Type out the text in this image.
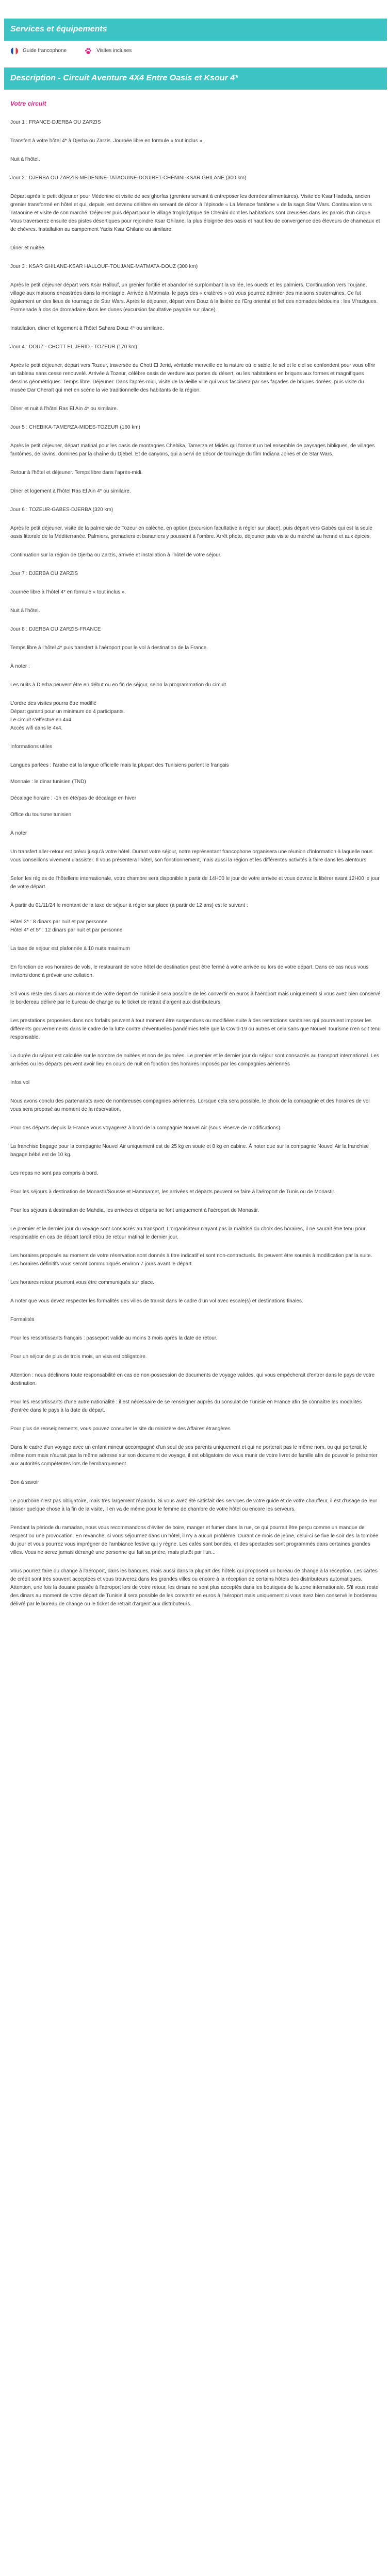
Services et équipements
Guide francophone	Visites incluses
Description - Circuit Aventure 4X4 Entre Oasis et Ksour 4*
Votre circuit

Jour 1 : FRANCE-DJERBA OU ZARZIS

Transfert à votre hôtel 4* à Djerba ou Zarzis. Journée libre en formule « tout inclus ».

Nuit à l'hôtel.

Jour 2 : DJERBA OU ZARZIS-MEDENINE-TATAOUINE-DOUIRET-CHENINI-KSAR GHILANE (300 km)

Départ après le petit déjeuner pour Médenine et visite de ses ghorfas (greniers servant à entreposer les denrées alimentaires). Visite de Ksar Hadada, ancien grenier transformé en hôtel et qui, depuis, est devenu célèbre en servant de décor à l'épisode « La Menace fantôme » de la saga Star Wars. Continuation vers Tataouine et visite de son marché. Déjeuner puis départ pour le village troglodytique de Chenini dont les habitations sont creusées dans les parois d'un cirque. Vous traverserez ensuite des pistes désertiques pour rejoindre Ksar Ghilane, la plus éloignée des oasis et haut lieu de convergence des êleveurs de chameaux et de chèvres. Installation au campement Yadis Ksar Ghilane ou similaire.

Dîner et nuitée.

Jour 3 : KSAR GHILANE-KSAR HALLOUF-TOUJANE-MATMATA-DOUZ (300 km)

Après le petit déjeuner départ vers Ksar Hallouf, un grenier fortifié et abandonné surplombant la vallée, les oueds et les palmiers. Continuation vers Toujane, village aux maisons encastrées dans la montagne. Arrivée à Matmata, le pays des « cratères » où vous pourrez admirer des maisons souterraines. Ce fut également un des lieux de tournage de Star Wars. Après le déjeuner, départ vers Douz à la lisière de l'Erg oriental et fief des nomades bédouins : les M'razigues. Promenade à dos de dromadaire dans les dunes (excursion facultative payable sur place).

Installation, dîner et logement à l'hôtel Sahara Douz 4* ou similaire.

Jour 4 : DOUZ - CHOTT EL JERID - TOZEUR (170 km)

Après le petit déjeuner, départ vers Tozeur, traversée du Chott El Jerid, véritable merveille de la nature où le sable, le sel et le ciel se confondent pour vous offrir un tableau sans cesse renouvelé. Arrivée à Tozeur, célèbre oasis de verdure aux portes du désert, ou les habitations en briques aux formes et magnifiques dessins géométriques. Temps libre. Déjeuner. Dans l'après-midi, visite de la vieille ville qui vous fascinera par ses façades de briques dorées, puis visite du musée Dar Cheraït qui met en scène la vie traditionnelle des habitants de la région.

Dîner et nuit à l'hôtel Ras El Ain 4* ou similaire.

Jour 5 : CHEBIKA-TAMERZA-MIDES-TOZEUR (160 km)

Après le petit déjeuner, départ matinal pour les oasis de montagnes Chebika, Tamerza et Midès qui forment un bel ensemble de paysages bibliques, de villages fantômes, de ravins, dominés par la chaîne du Djebel. Et de canyons, qui a servi de décor de tournage du film Indiana Jones et de Star Wars.

Retour à l'hôtel et déjeuner. Temps libre dans l'après-midi.

Dîner et logement à l'hôtel Ras El Ain 4* ou similaire.

Jour 6 : TOZEUR-GABES-DJERBA (320 km)

Après le petit déjeuner, visite de la palmeraie de Tozeur en calèche, en option (excursion facultative à régler sur place), puis départ vers Gabès qui est la seule oasis littorale de la Méditerranée. Palmiers, grenadiers et bananiers y poussent à l'ombre. Arrêt photo, déjeuner puis visite du marché au henné et aux épices.

Continuation sur la région de Djerba ou Zarzis, arrivée et installation à l'hôtel de votre séjour.

Jour 7 : DJERBA OU ZARZIS

Journée libre à l'hôtel 4* en formule « tout inclus ».

Nuit à l'hôtel.

Jour 8 : DJERBA OU ZARZIS-FRANCE

Temps libre à l'hôtel 4* puis transfert à l'aéroport pour le vol à destination de la France.

À noter :

Les nuits à Djerba peuvent être en début ou en fin de séjour, selon la programmation du circuit.

L'ordre des visites pourra être modifié
Départ garanti pour un minimum de 4 participants.
Le circuit s'effectue en 4x4.
Accès wifi dans le 4x4.

Informations utiles

Langues parlées : l'arabe est la langue officielle mais la plupart des Tunisiens parlent le français

Monnaie : le dinar tunisien (TND)

Décalage horaire : -1h en été/pas de décalage en hiver

Office du tourisme tunisien

À noter

Un transfert aller-retour est prévu jusqu'à votre hôtel. Durant votre séjour, notre représentant francophone organisera une réunion d'information à laquelle nous vous conseillons vivement d'assister. Il vous présentera l'hôtel, son fonctionnement, mais aussi la région et les différentes activités à faire dans les alentours.

Selon les règles de l'hôtellerie internationale, votre chambre sera disponible à partir de 14H00 le jour de votre arrivée et vous devrez la libérer avant 12H00 le jour de votre départ.

À partir du 01/11/24 le montant de la taxe de séjour à régler sur place (à partir de 12 ans) est le suivant :

Hôtel 3* : 8 dinars par nuit et par personne
Hôtel 4* et 5* : 12 dinars par nuit et par personne

La taxe de séjour est plafonnée à 10 nuits maximum

En fonction de vos horaires de vols, le restaurant de votre hôtel de destination peut être fermé à votre arrivée ou lors de votre départ. Dans ce cas nous vous invitons donc à prévoir une collation.

S'il vous reste des dinars au moment de votre départ de Tunisie il sera possible de les convertir en euros à l'aéroport mais uniquement si vous avez bien conservé le bordereau délivré par le bureau de change ou le ticket de retrait d'argent aux distributeurs.

Les prestations proposées dans nos forfaits peuvent à tout moment être suspendues ou modifiées suite à des restrictions sanitaires qui pourraient imposer les différents gouvernements dans le cadre de la lutte contre d'éventuelles pandémies telle que la Covid-19 ou autres et cela sans que Nouvel Tourisme n'en soit tenu responsable.

La durée du séjour est calculée sur le nombre de nuitées et non de journées. Le premier et le dernier jour du séjour sont consacrés au transport international. Les arrivées ou les départs peuvent avoir lieu en cours de nuit en fonction des horaires imposés par les compagnies aériennes

Infos vol

Nous avons conclu des partenariats avec de nombreuses compagnies aériennes. Lorsque cela sera possible, le choix de la compagnie et des horaires de vol vous sera proposé au moment de la réservation.

Pour des départs depuis la France vous voyagerez à bord de la compagnie Nouvel Air (sous réserve de modifications).

La franchise bagage pour la compagnie Nouvel Air uniquement est de 25 kg en soute et 8 kg en cabine. À noter que sur la compagnie Nouvel Air la franchise bagage bébé est de 10 kg.

Les repas ne sont pas compris à bord.

Pour les séjours à destination de Monastir/Sousse et Hammamet, les arrivées et départs peuvent se faire à l'aéroport de Tunis ou de Monastir.

Pour les séjours à destination de Mahdia, les arrivées et départs se font uniquement à l'aéroport de Monastir.

Le premier et le dernier jour du voyage sont consacrés au transport. L'organisateur n'ayant pas la maîtrise du choix des horaires, il ne saurait être tenu pour responsable en cas de départ tardif et/ou de retour matinal le dernier jour.

Les horaires proposés au moment de votre réservation sont donnés à titre indicatif et sont non-contractuels. Ils peuvent être soumis à modification par la suite. Les horaires définitifs vous seront communiqués environ 7 jours avant le départ.

Les horaires retour pourront vous être communiqués sur place.

À noter que vous devez respecter les formalités des villes de transit dans le cadre d'un vol avec escale(s) et destinations finales.

Formalités

Pour les ressortissants français : passeport valide au moins 3 mois après la date de retour.

Pour un séjour de plus de trois mois, un visa est obligatoire.

Attention : nous déclinons toute responsabilité en cas de non-possession de documents de voyage valides, qui vous empêcherait d'entrer dans le pays de votre destination.

Pour les ressortissants d'une autre nationalité : il est nécessaire de se renseigner auprès du consulat de Tunisie en France afin de connaître les modalités d'entrée dans le pays à la date du départ.

Pour plus de renseignements, vous pouvez consulter le site du ministère des Affaires étrangères

Dans le cadre d'un voyage avec un enfant mineur accompagné d'un seul de ses parents uniquement et qui ne porterait pas le même nom, ou qui porterait le même nom mais n'aurait pas la même adresse sur son document de voyage, il est obligatoire de vous munir de votre livret de famille afin de pouvoir le présenter aux autorités compétentes lors de l'embarquement.

Bon à savoir

Le pourboire n'est pas obligatoire, mais très largement répandu. Si vous avez été satisfait des services de votre guide et de votre chauffeur, il est d'usage de leur laisser quelque chose à la fin de la visite, il en va de même pour le femme de chambre de votre hôtel ou encore les serveurs.

Pendant la période du ramadan, nous vous recommandons d'éviter de boire, manger et fumer dans la rue, ce qui pourrait être perçu comme un manque de respect ou une provocation. En revanche, si vous séjournez dans un hôtel, il n'y a aucun problème. Durant ce mois de jeûne, celui-ci se fixe le soir dès la tombée du jour et vous pourrez vous imprégner de l'ambiance festive qui y règne. Les cafés sont bondés, et des spectacles sont programmés dans certaines grandes villes. Vous ne serez jamais dérangé une personne qui fait sa prière, mais plutôt par l'un...

Vous pourrez faire du change à l'aéroport, dans les banques, mais aussi dans la plupart des hôtels qui proposent un bureau de change à la réception. Les cartes de crédit sont très souvent acceptées et vous trouverez dans les grandes villes ou encore à la réception de certains hôtels des distributeurs automatiques. Attention, une fois la douane passée à l'aéroport lors de votre retour, les dinars ne sont plus acceptés dans les boutiques de la zone internationale. S'il vous reste des dinars au moment de votre départ de Tunisie il sera possible de les convertir en euros à l'aéroport mais uniquement si vous avez bien conservé le bordereau délivré par le bureau de change ou le ticket de retrait d'argent aux distributeurs.
